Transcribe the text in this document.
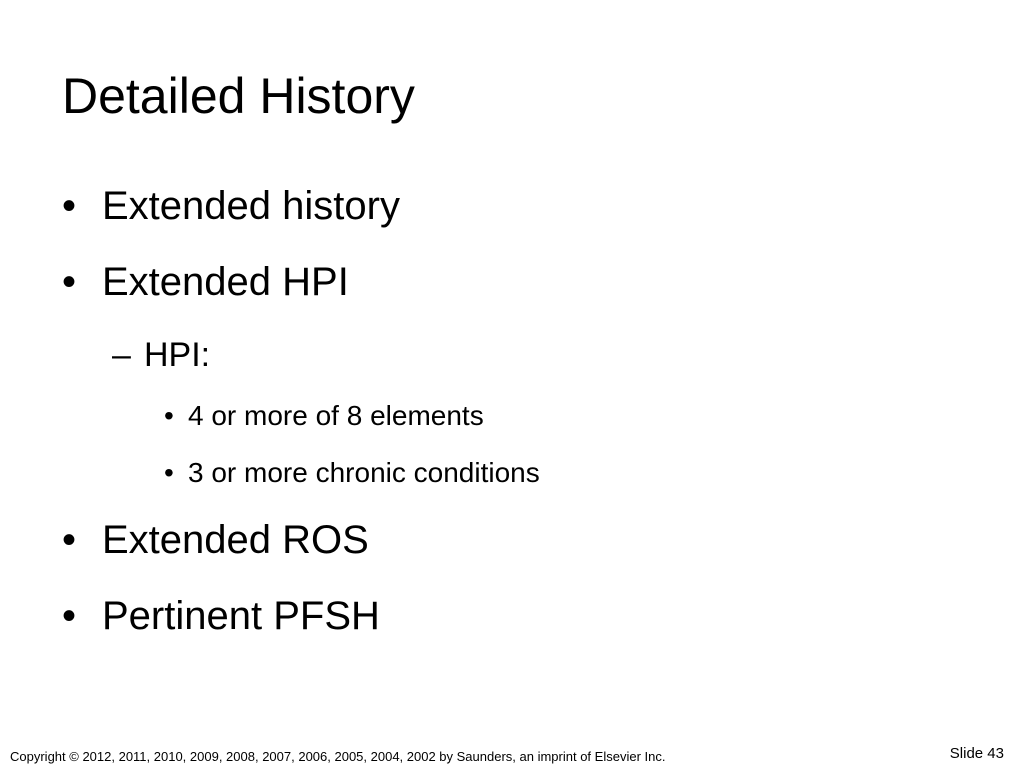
Detailed History
• Extended history
• Extended HPI
– HPI:
• 4 or more of 8 elements
• 3 or more chronic conditions
• Extended ROS
• Pertinent PFSH
Copyright © 2012, 2011, 2010, 2009, 2008, 2007, 2006, 2005, 2004, 2002 by Saunders, an imprint of Elsevier Inc.	Slide 43
